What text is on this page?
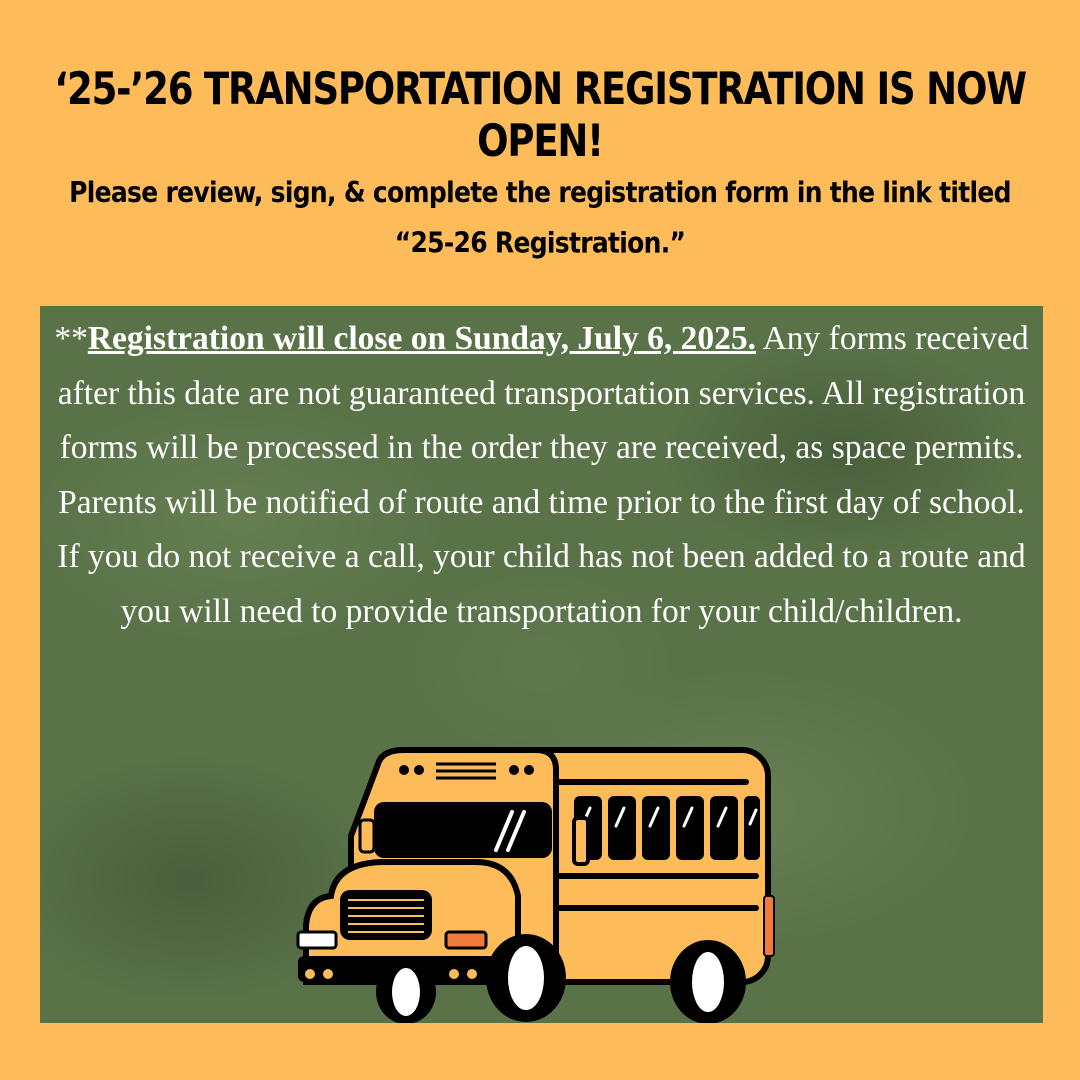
‘25-’26 TRANSPORTATION REGISTRATION IS NOW OPEN!
Please review, sign, & complete the registration form in the link titled
“25-26 Registration.”

**Registration will close on Sunday, July 6, 2025. Any forms received after this date are not guaranteed transportation services. All registration forms will be processed in the order they are received, as space permits. Parents will be notified of route and time prior to the first day of school. If you do not receive a call, your child has not been added to a route and you will need to provide transportation for your child/children.
